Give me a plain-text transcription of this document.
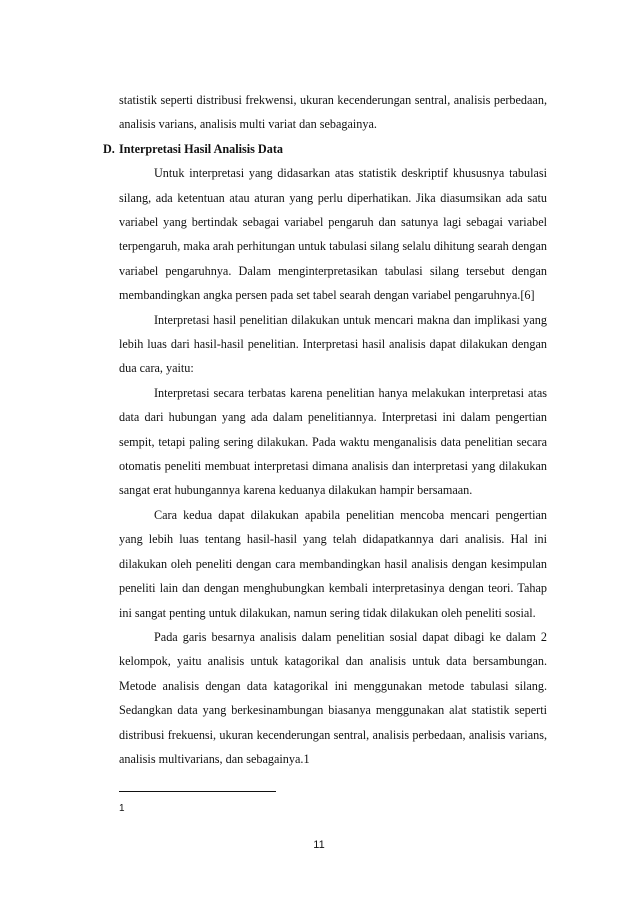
statistik seperti distribusi frekwensi, ukuran kecenderungan sentral, analisis perbedaan, analisis varians, analisis multi variat dan sebagainya.

D. Interpretasi Hasil Analisis Data

Untuk interpretasi yang didasarkan atas statistik deskriptif khususnya tabulasi silang, ada ketentuan atau aturan yang perlu diperhatikan. Jika diasumsikan ada satu variabel yang bertindak sebagai variabel pengaruh dan satunya lagi sebagai variabel terpengaruh, maka arah perhitungan untuk tabulasi silang selalu dihitung searah dengan variabel pengaruhnya. Dalam menginterpretasikan tabulasi silang tersebut dengan membandingkan angka persen pada set tabel searah dengan variabel pengaruhnya.[6]

Interpretasi hasil penelitian dilakukan untuk mencari makna dan implikasi yang lebih luas dari hasil-hasil penelitian. Interpretasi hasil analisis dapat dilakukan dengan dua cara, yaitu:

Interpretasi secara terbatas karena penelitian hanya melakukan interpretasi atas data dari hubungan yang ada dalam penelitiannya. Interpretasi ini dalam pengertian sempit, tetapi paling sering dilakukan. Pada waktu menganalisis data penelitian secara otomatis peneliti membuat interpretasi dimana analisis dan interpretasi yang dilakukan sangat erat hubungannya karena keduanya dilakukan hampir bersamaan.

Cara kedua dapat dilakukan apabila penelitian mencoba mencari pengertian yang lebih luas tentang hasil-hasil yang telah didapatkannya dari analisis. Hal ini dilakukan oleh peneliti dengan cara membandingkan hasil analisis dengan kesimpulan peneliti lain dan dengan menghubungkan kembali interpretasinya dengan teori. Tahap ini sangat penting untuk dilakukan, namun sering tidak dilakukan oleh peneliti sosial.

Pada garis besarnya analisis dalam penelitian sosial dapat dibagi ke dalam 2 kelompok, yaitu analisis untuk katagorikal dan analisis untuk data bersambungan. Metode analisis dengan data katagorikal ini menggunakan metode tabulasi silang. Sedangkan data yang berkesinambungan biasanya menggunakan alat statistik seperti distribusi frekuensi, ukuran kecenderungan sentral, analisis perbedaan, analisis varians, analisis multivarians, dan sebagainya.1

1
11
